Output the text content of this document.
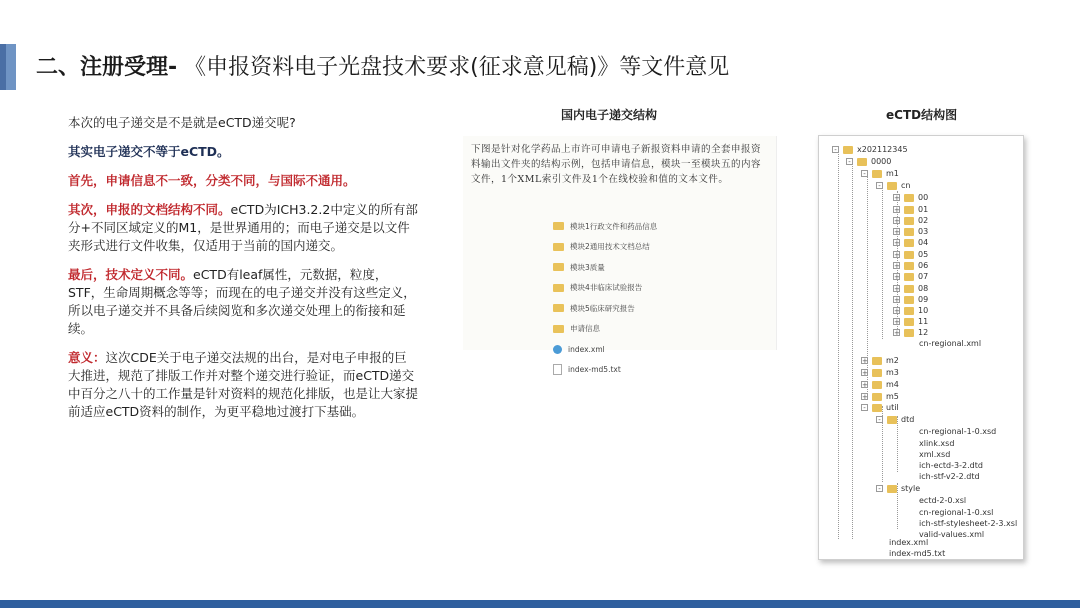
二、注册受理- 《申报资料电子光盘技术要求(征求意见稿)》等文件意见

本次的电子递交是不是就是eCTD递交呢?

其实电子递交不等于eCTD。

首先，申请信息不一致，分类不同，与国际不通用。

其次，申报的文档结构不同。eCTD为ICH3.2.2中定义的所有部分+不同区域定义的M1，是世界通用的；而电子递交是以文件夹形式进行文件收集，仅适用于当前的国内递交。

最后，技术定义不同。eCTD有leaf属性，元数据，粒度，STF，生命周期概念等等；而现在的电子递交并没有这些定义，所以电子递交并不具备后续阅览和多次递交处理上的衔接和延续。

意义：这次CDE关于电子递交法规的出台，是对电子申报的巨大推进，规范了排版工作并对整个递交进行验证，而eCTD递交中百分之八十的工作量是针对资料的规范化排版，也是让大家提前适应eCTD资料的制作，为更平稳地过渡打下基础。

国内电子递交结构
下图是针对化学药品上市许可申请电子新报资料申请的全套申报资料输出文件夹的结构示例，包括申请信息，模块一至模块五的内容文件，1个XML索引文件及1个在线校验和值的文本文件。
模块1行政文件和药品信息
模块2通用技术文档总结
模块3质量
模块4非临床试验报告
模块5临床研究报告
申请信息
index.xml
index-md5.txt
eCTD结构图
-	x202112345
-	0000
-	m1
-	cn
+ 00
+ 01
+ 02
+ 03
+ 04
+ 05
+ 06
+ 07
+ 08
+ 09
+ 10
+ 11
+ 12
cn-regional.xml
+ m2
+ m3
+ m4
+ m5
-	util
-	dtd
cn-regional-1-0.xsd
xlink.xsd
xml.xsd
ich-ectd-3-2.dtd
ich-stf-v2-2.dtd
-	style
ectd-2-0.xsl
cn-regional-1-0.xsl
ich-stf-stylesheet-2-3.xsl
valid-values.xml
index.xml
index-md5.txt
